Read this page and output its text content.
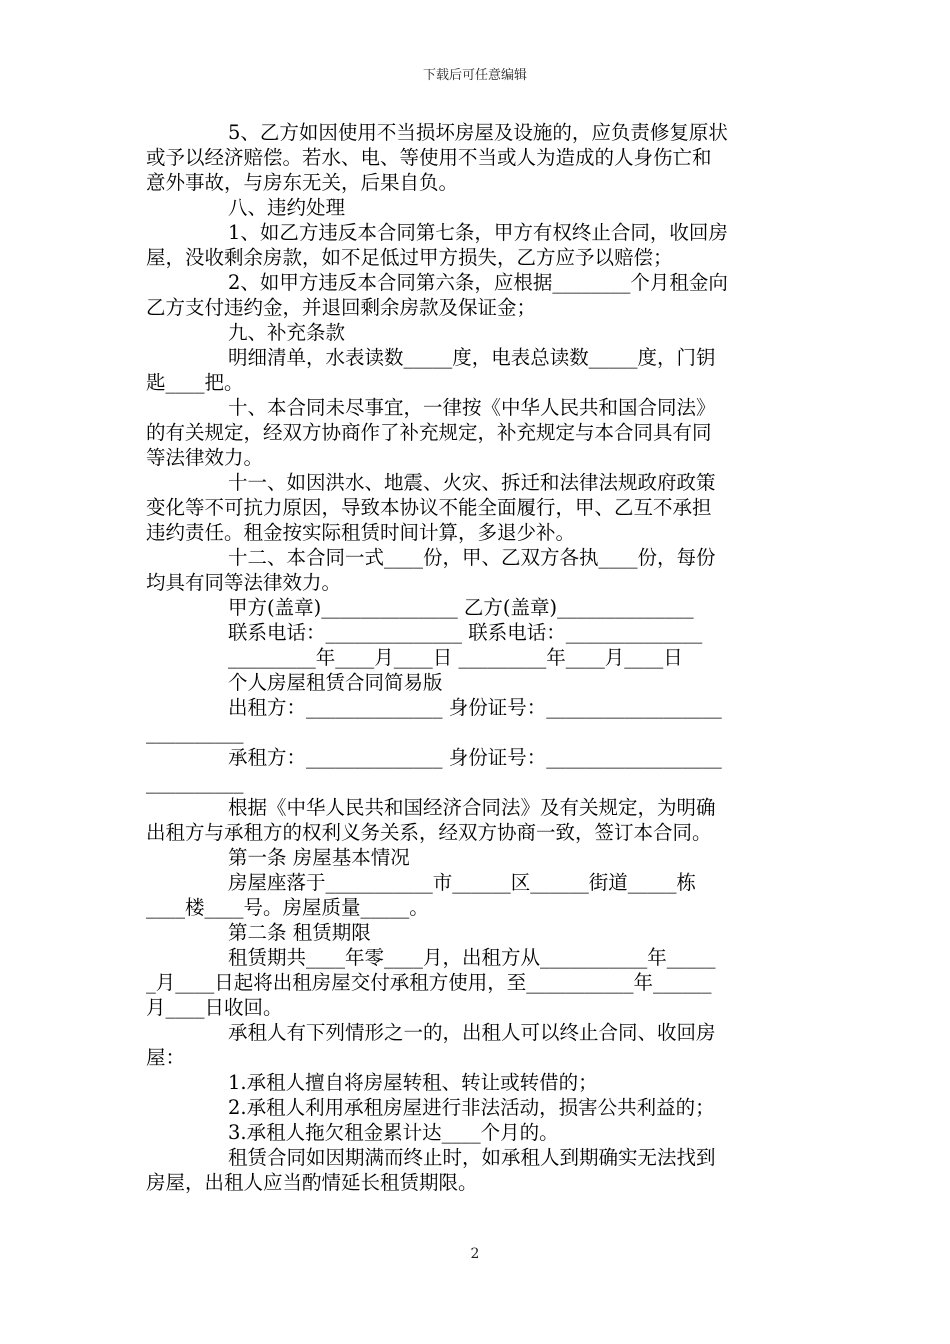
下载后可任意编辑
5、乙方如因使用不当损坏房屋及设施的，应负责修复原状
或予以经济赔偿。若水、电、等使用不当或人为造成的人身伤亡和
意外事故，与房东无关，后果自负。
八、违约处理
1、如乙方违反本合同第七条，甲方有权终止合同，收回房
屋，没收剩余房款，如不足低过甲方损失，乙方应予以赔偿；
2、如甲方违反本合同第六条，应根据________个月租金向
乙方支付违约金，并退回剩余房款及保证金；
九、补充条款
明细清单，水表读数_____度，电表总读数_____度，门钥
匙____把。
十、本合同未尽事宜，一律按《中华人民共和国合同法》
的有关规定，经双方协商作了补充规定，补充规定与本合同具有同
等法律效力。
十一、如因洪水、地震、火灾、拆迁和法律法规政府政策
变化等不可抗力原因，导致本协议不能全面履行，甲、乙互不承担
违约责任。租金按实际租赁时间计算，多退少补。
十二、本合同一式____份，甲、乙双方各执____份，每份
均具有同等法律效力。
甲方(盖章)______________ 乙方(盖章)______________
联系电话：______________ 联系电话：______________
_________年____月____日 _________年____月____日
个人房屋租赁合同简易版
出租方：______________ 身份证号：__________________
__________
承租方：______________ 身份证号：__________________
__________
根据《中华人民共和国经济合同法》及有关规定，为明确
出租方与承租方的权利义务关系，经双方协商一致，签订本合同。
第一条 房屋基本情况
房屋座落于___________市______区______街道_____栋
____楼____号。房屋质量_____。
第二条 租赁期限
租赁期共____年零____月，出租方从___________年_____
_月____日起将出租房屋交付承租方使用，至___________年______
月____日收回。
承租人有下列情形之一的，出租人可以终止合同、收回房
屋：
1.承租人擅自将房屋转租、转让或转借的；
2.承租人利用承租房屋进行非法活动，损害公共利益的；
3.承租人拖欠租金累计达____个月的。
租赁合同如因期满而终止时，如承租人到期确实无法找到
房屋，出租人应当酌情延长租赁期限。
2
